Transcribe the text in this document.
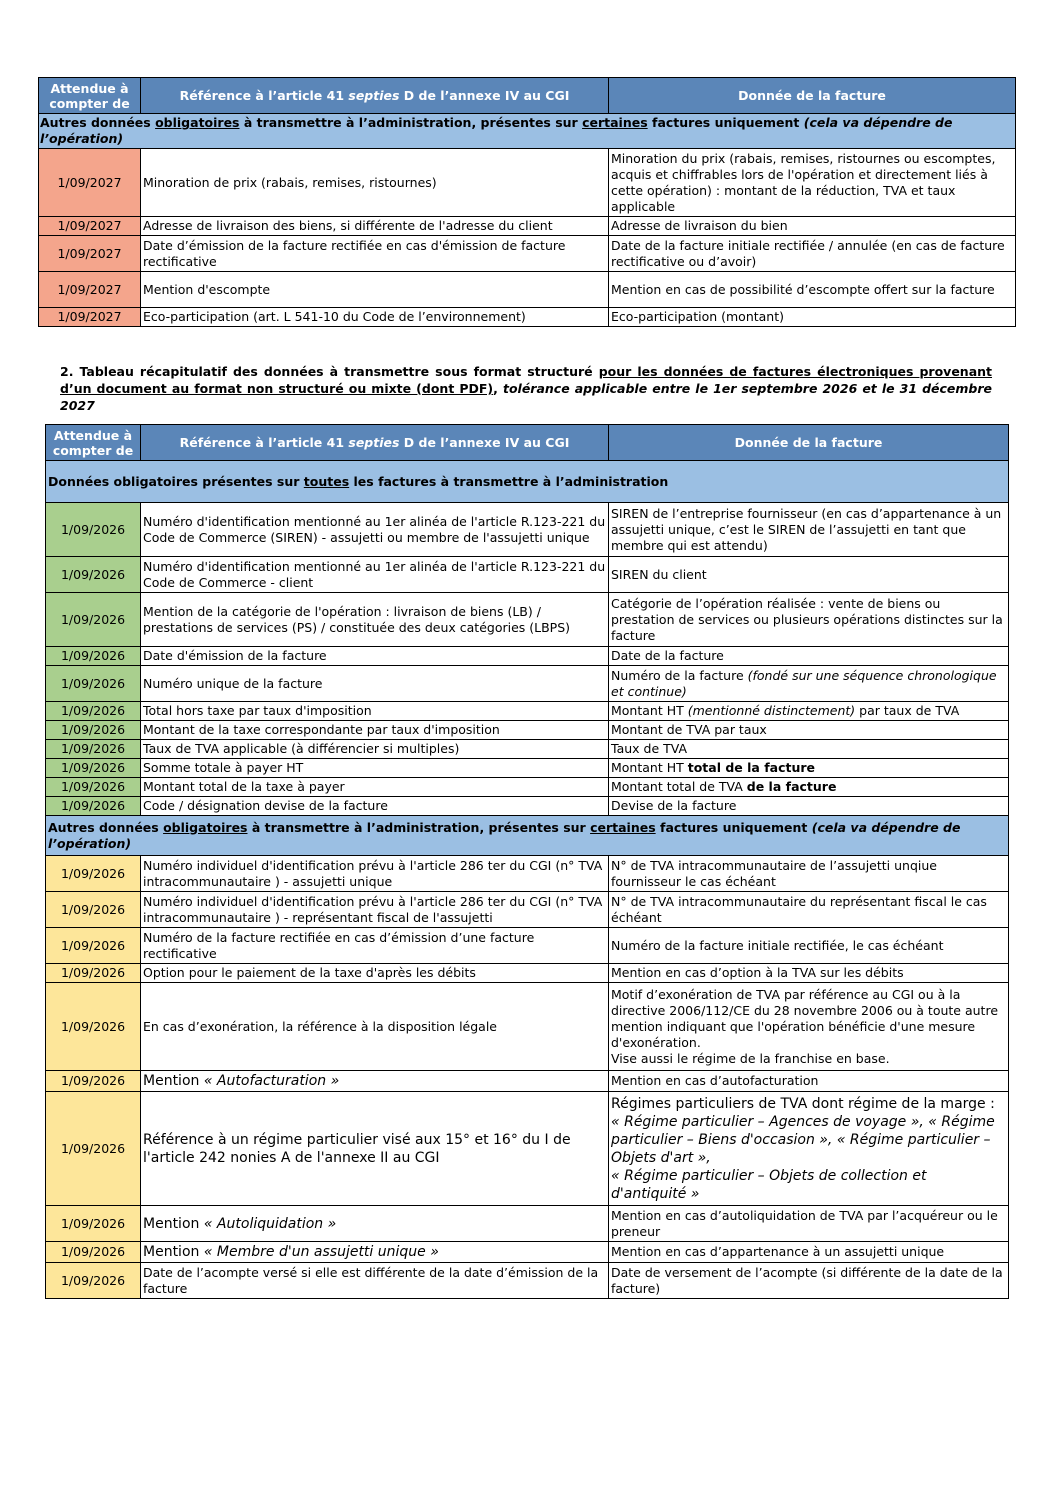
Attendue à compter de	Référence à l’article 41 septies D de l’annexe IV au CGI	Donnée de la facture
Autres données obligatoires à transmettre à l’administration, présentes sur certaines factures uniquement (cela va dépendre de l’opération)		
1/09/2027	Minoration de prix (rabais, remises, ristournes)	Minoration du prix (rabais, remises, ristournes ou escomptes, acquis et chiffrables lors de l'opération et directement liés à cette opération) : montant de la réduction, TVA et taux applicable
1/09/2027	Adresse de livraison des biens, si différente de l'adresse du client	Adresse de livraison du bien
1/09/2027	Date d’émission de la facture rectifiée en cas d'émission de facture rectificative	Date de la facture initiale rectifiée / annulée (en cas de facture rectificative ou d’avoir)
1/09/2027	Mention d'escompte	Mention en cas de possibilité d’escompte offert sur la facture
1/09/2027	Eco-participation (art. L 541-10 du Code de l’environnement)	Eco-participation (montant)
2. Tableau récapitulatif des données à transmettre sous format structuré pour les données de factures électroniques provenant d’un document au format non structuré ou mixte (dont PDF), tolérance applicable entre le 1er septembre 2026 et le 31 décembre 2027
Attendue à compter de	Référence à l’article 41 septies D de l’annexe IV au CGI	Donnée de la facture
Données obligatoires présentes sur toutes les factures à transmettre à l’administration		
1/09/2026	Numéro d'identification mentionné au 1er alinéa de l'article R.123-221 du Code de Commerce (SIREN) - assujetti ou membre de l'assujetti unique	SIREN de l’entreprise fournisseur (en cas d’appartenance à un assujetti unique, c’est le SIREN de l’assujetti en tant que membre qui est attendu)
1/09/2026	Numéro d'identification mentionné au 1er alinéa de l'article R.123-221 du Code de Commerce - client	SIREN du client
1/09/2026	Mention de la catégorie de l'opération : livraison de biens (LB) / prestations de services (PS) / constituée des deux catégories (LBPS)	Catégorie de l’opération réalisée : vente de biens ou prestation de services ou plusieurs opérations distinctes sur la facture
1/09/2026	Date d'émission de la facture	Date de la facture
1/09/2026	Numéro unique de la facture	Numéro de la facture (fondé sur une séquence chronologique et continue)
1/09/2026	Total hors taxe par taux d'imposition	Montant HT (mentionné distinctement) par taux de TVA
1/09/2026	Montant de la taxe correspondante par taux d'imposition	Montant de TVA par taux
1/09/2026	Taux de TVA applicable (à différencier si multiples)	Taux de TVA
1/09/2026	Somme totale à payer HT	Montant HT total de la facture
1/09/2026	Montant total de la taxe à payer	Montant total de TVA de la facture
1/09/2026	Code / désignation devise de la facture	Devise de la facture
Autres données obligatoires à transmettre à l’administration, présentes sur certaines factures uniquement (cela va dépendre de l’opération)		
1/09/2026	Numéro individuel d'identification prévu à l'article 286 ter du CGI (n° TVA intracommunautaire ) - assujetti unique	N° de TVA intracommunautaire de l’assujetti unqiue fournisseur le cas échéant
1/09/2026	Numéro individuel d'identification prévu à l'article 286 ter du CGI (n° TVA intracommunautaire ) - représentant fiscal de l'assujetti	N° de TVA intracommunautaire du représentant fiscal le cas échéant
1/09/2026	Numéro de la facture rectifiée en cas d’émission d’une facture rectificative	Numéro de la facture initiale rectifiée, le cas échéant
1/09/2026	Option pour le paiement de la taxe d'après les débits	Mention en cas d’option à la TVA sur les débits
1/09/2026	En cas d’exonération, la référence à la disposition légale	Motif d’exonération de TVA par référence au CGI ou à la directive 2006/112/CE du 28 novembre 2006 ou à toute autre mention indiquant que l'opération bénéficie d'une mesure d'exonération.
Vise aussi le régime de la franchise en base.
1/09/2026	Mention « Autofacturation »	Mention en cas d’autofacturation
1/09/2026	Référence à un régime particulier visé aux 15° et 16° du I de l'article 242 nonies A de l'annexe II au CGI	Régimes particuliers de TVA dont régime de la marge :
« Régime particulier – Agences de voyage », « Régime particulier – Biens d'occasion », « Régime particulier – Objets d'art »,
« Régime particulier – Objets de collection et d'antiquité »
1/09/2026	Mention « Autoliquidation »	Mention en cas d’autoliquidation de TVA par l’acquéreur ou le preneur
1/09/2026	Mention « Membre d'un assujetti unique »	Mention en cas d’appartenance à un assujetti unique
1/09/2026	Date de l’acompte versé si elle est différente de la date d’émission de la facture	Date de versement de l’acompte (si différente de la date de la facture)
